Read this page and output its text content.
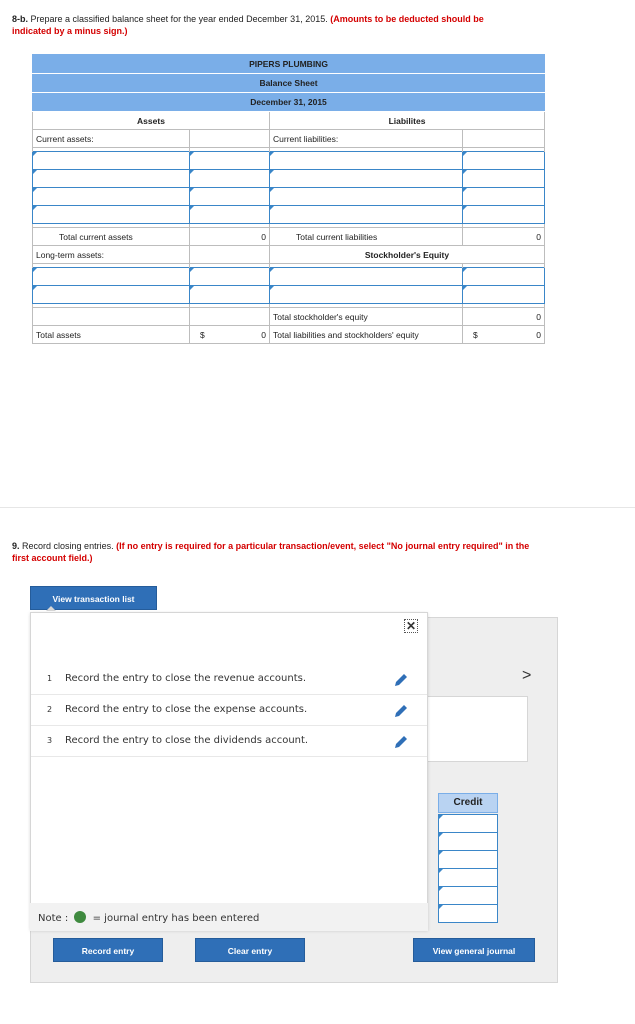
8-b. Prepare a classified balance sheet for the year ended December 31, 2015. (Amounts to be deducted should be indicated by a minus sign.)
PIPERS PLUMBING			
Balance Sheet			
December 31, 2015			
Assets		Liabilites	
Current assets:		Current liabilities:	

Total current assets	0	Total current liabilities	0
Long-term assets:		Stockholder's Equity	

		Total stockholder's equity	0
Total assets	$ 0	Total liabilities and stockholders' equity	$ 0
9. Record closing entries. (If no entry is required for a particular transaction/event, select "No journal entry required" in the first account field.)
>
Credit
View transaction list
✕
1 Record the entry to close the revenue accounts.
2 Record the entry to close the expense accounts.
3 Record the entry to close the dividends account.
Note : = journal entry has been entered
Record entry	Clear entry	View general journal
